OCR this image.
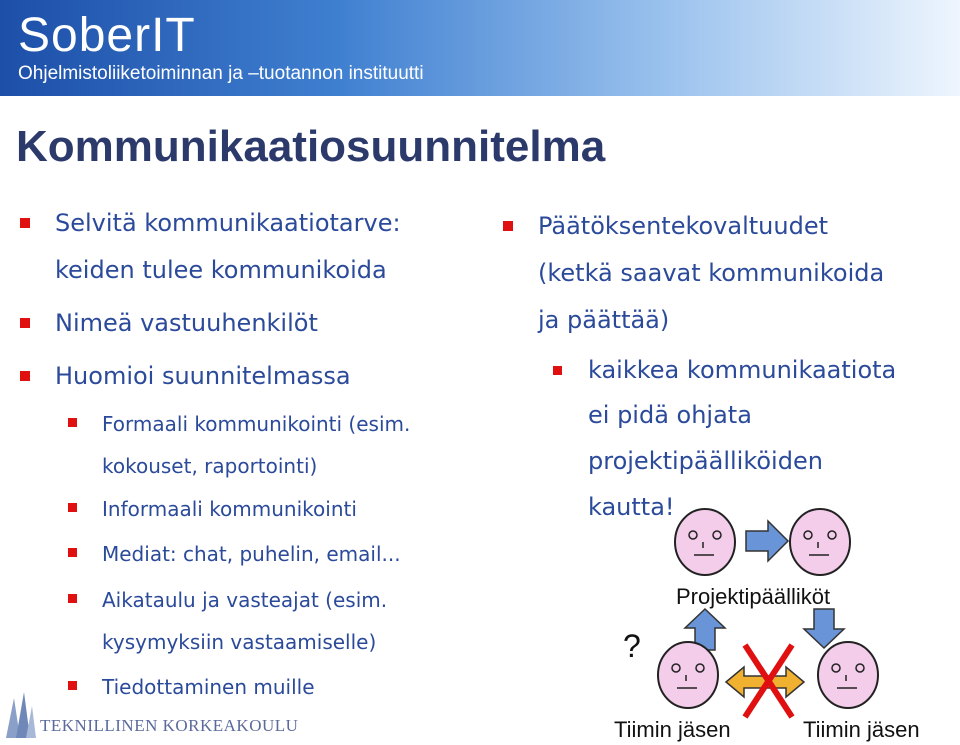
SoberIT
Ohjelmistoliiketoiminnan ja –tuotannon instituutti
Kommunikaatiosuunnitelma
Selvitä kommunikaatiotarve:
keiden tulee kommunikoida
Nimeä vastuuhenkilöt
Huomioi suunnitelmassa
Formaali kommunikointi (esim.
kokouset, raportointi)
Informaali kommunikointi
Mediat: chat, puhelin, email...
Aikataulu ja vasteajat (esim.
kysymyksiin vastaamiselle)
Tiedottaminen muille
Päätöksentekovaltuudet
(ketkä saavat kommunikoida
ja päättää)
kaikkea kommunikaatiota
ei pidä ohjata
projektipäälliköiden
kautta!
Projektipäälliköt
?
Tiimin jäsen	Tiimin jäsen
TEKNILLINEN KORKEAKOULU
